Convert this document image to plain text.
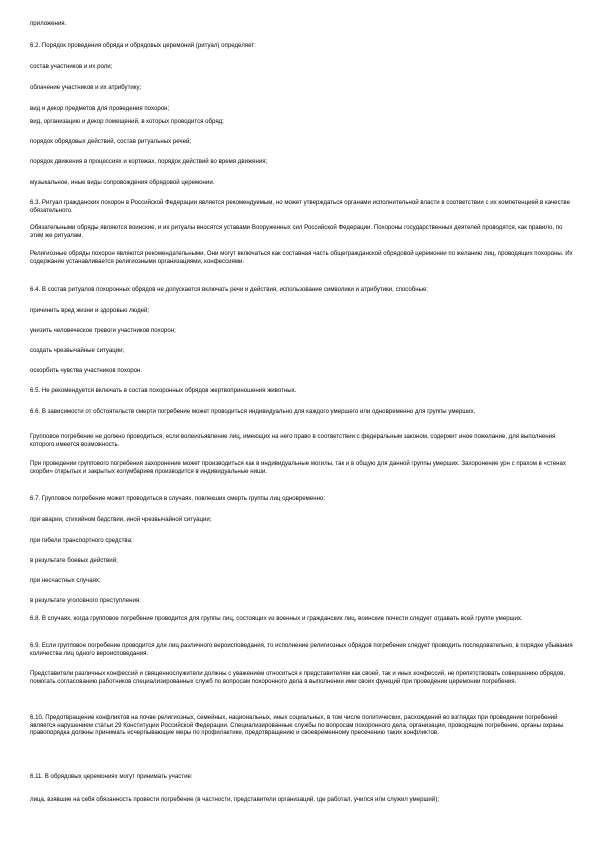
приложения.
6.2. Порядок проведения обряда и обрядовых церемоний (ритуал) определяет:
состав участников и их роли;
облачение участников и их атрибутику;
вид и декор предметов для проведения похорон;
вид, организацию и декор помещений, в которых проводится обряд;
порядок обрядовых действий, состав ритуальных речей;
порядок движения в процессиях и кортежах, порядок действий во время движения;
музыкальное, иные виды сопровождения обрядовой церемонии.
6.3. Ритуал гражданских похорон в Российской Федерации является рекомендуемым, но может утверждаться органами исполнительной власти в соответствии с их компетенцией в качестве обязательного.
Обязательными обряды являются воинские, и их ритуалы вносятся уставами Вооруженных сил Российской Федерации. Похороны государственных деятелей проводятся, как правило, по этим же ритуалам.
Религиозные обряды похорон являются рекомендательными. Они могут включаться как составная часть общегражданской обрядовой церемонии по желанию лиц, проводящих похороны. Их содержание устанавливается религиозными организациями, конфессиями.
6.4. В состав ритуалов похоронных обрядов не допускается включать речи и действия, использование символики и атрибутики, способные:
причинить вред жизни и здоровью людей;
унизить человеческое тревоги участников похорон;
создать чрезвычайные ситуации;
оскорбить чувства участников похорон.
6.5. Не рекомендуется включать в состав похоронных обрядов жертвоприношения животных.
6.6. В зависимости от обстоятельств смерти погребение может проводиться индивидуально для каждого умершего или одновременно для группы умерших.
Групповое погребение не должно проводиться, если волеизъявление лиц, имеющих на него право в соответствии с федеральным законом, содержит иное пожелание, для выполнения которого имеется возможность.
При проведении группового погребения захоронение может производиться как в индивидуальные могилы, так и в общую для данной группы умерших. Захоронение урн с прахом в «стенах скорби» открытых и закрытых колумбариев производится в индивидуальные ниши.
6.7. Групповое погребение может проводиться в случаях, повлекших смерть группы лиц одновременно:
при аварии, стихийном бедствии, иной чрезвычайной ситуации;
при гибели транспортного средства;
в результате боевых действий;
при несчастных случаях;
в результате уголовного преступления.
6.8. В случаях, когда групповое погребение проводится для группы лиц, состоящих из военных и гражданских лиц, воинские почести следует отдавать всей группе умерших.
6.9. Если групповое погребение проводится для лиц различного вероисповедания, то исполнение религиозных обрядов погребения следует проводить последовательно, в порядке убывания количества лиц одного вероисповедания.
Представители различных конфессий и священнослужители должны с уважением относиться к представителям как своей, так и иных конфессий, не препятствовать совершению обрядов, помогать согласованию работников специализированных служб по вопросам похоронного дела в выполнении ими своих функций при проведении церемонии погребения.
6.10. Предотвращение конфликтов на почве религиозных, семейных, национальных, иных социальных, в том числе политических, расхождений во взглядах при проведении погребений является нарушением статьи 29 Конституции Российской Федерации. Специализированные службы по вопросам похоронного дела, организации, проводящие погребение, органы охраны правопорядка должны принимать исчерпывающие меры по профилактике, предотвращению и своевременному пресечению таких конфликтов.
6.11. В обрядовых церемониях могут принимать участие:
лица, взявшие на себя обязанность провести погребение (в частности, представители организаций, где работал, учился или служил умерший);
